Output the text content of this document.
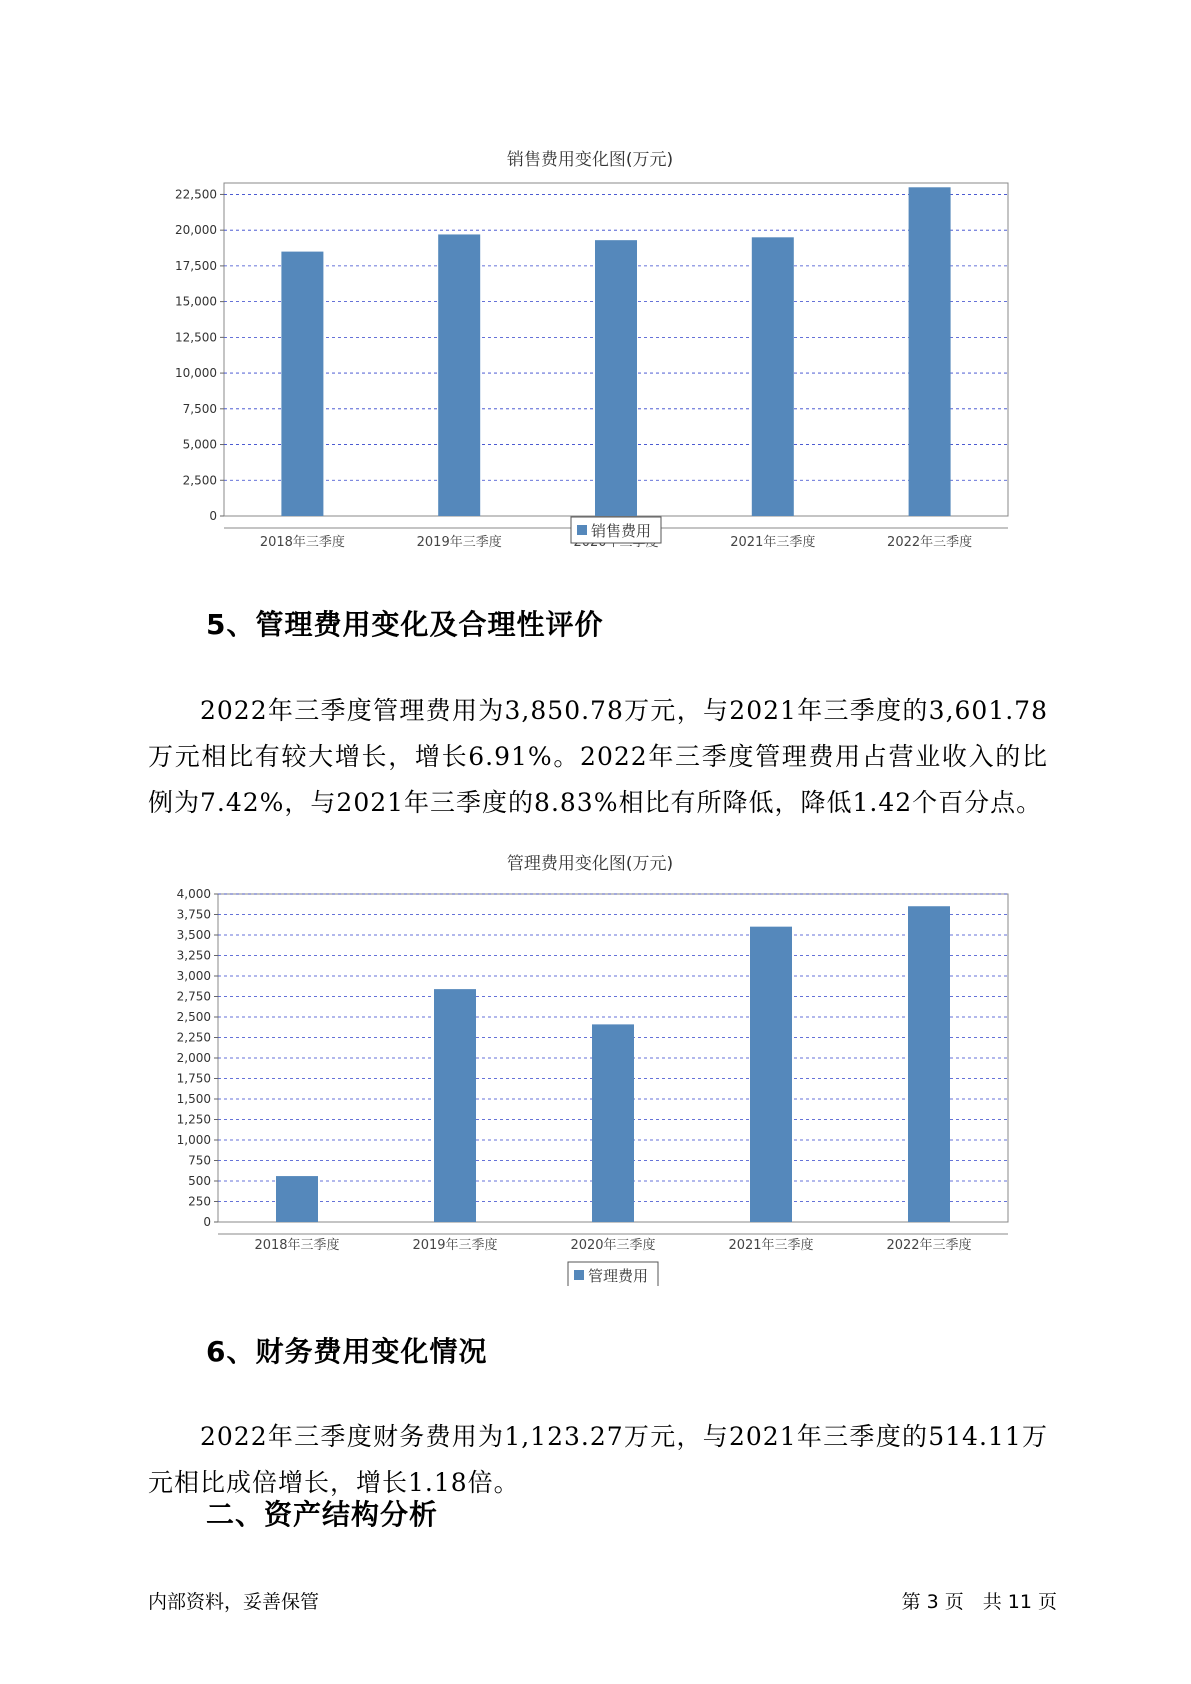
销售费用变化图(万元)
0
2,500
5,000
7,500
10,000
12,500
15,000
17,500
20,000
22,500
2018年三季度	2019年三季度	2021年三季度	2022年三季度
销售费用
5、管理费用变化及合理性评价

2022年三季度管理费用为3,850.78万元，与2021年三季度的3,601.78万元相比有较大增长，增长6.91%。2022年三季度管理费用占营业收入的比例为7.42%，与2021年三季度的8.83%相比有所降低，降低1.42个百分点。

管理费用变化图(万元)
0
250
500
750
1,000
1,250
1,500
1,750
2,000
2,250
2,500
2,750
3,000
3,250
3,500
3,750
4,000
2018年三季度	2019年三季度	2020年三季度	2021年三季度	2022年三季度
管理费用
6、财务费用变化情况

2022年三季度财务费用为1,123.27万元，与2021年三季度的514.11万元相比成倍增长，增长1.18倍。

二、资产结构分析
内部资料，妥善保管	第 3 页　共 11 页
